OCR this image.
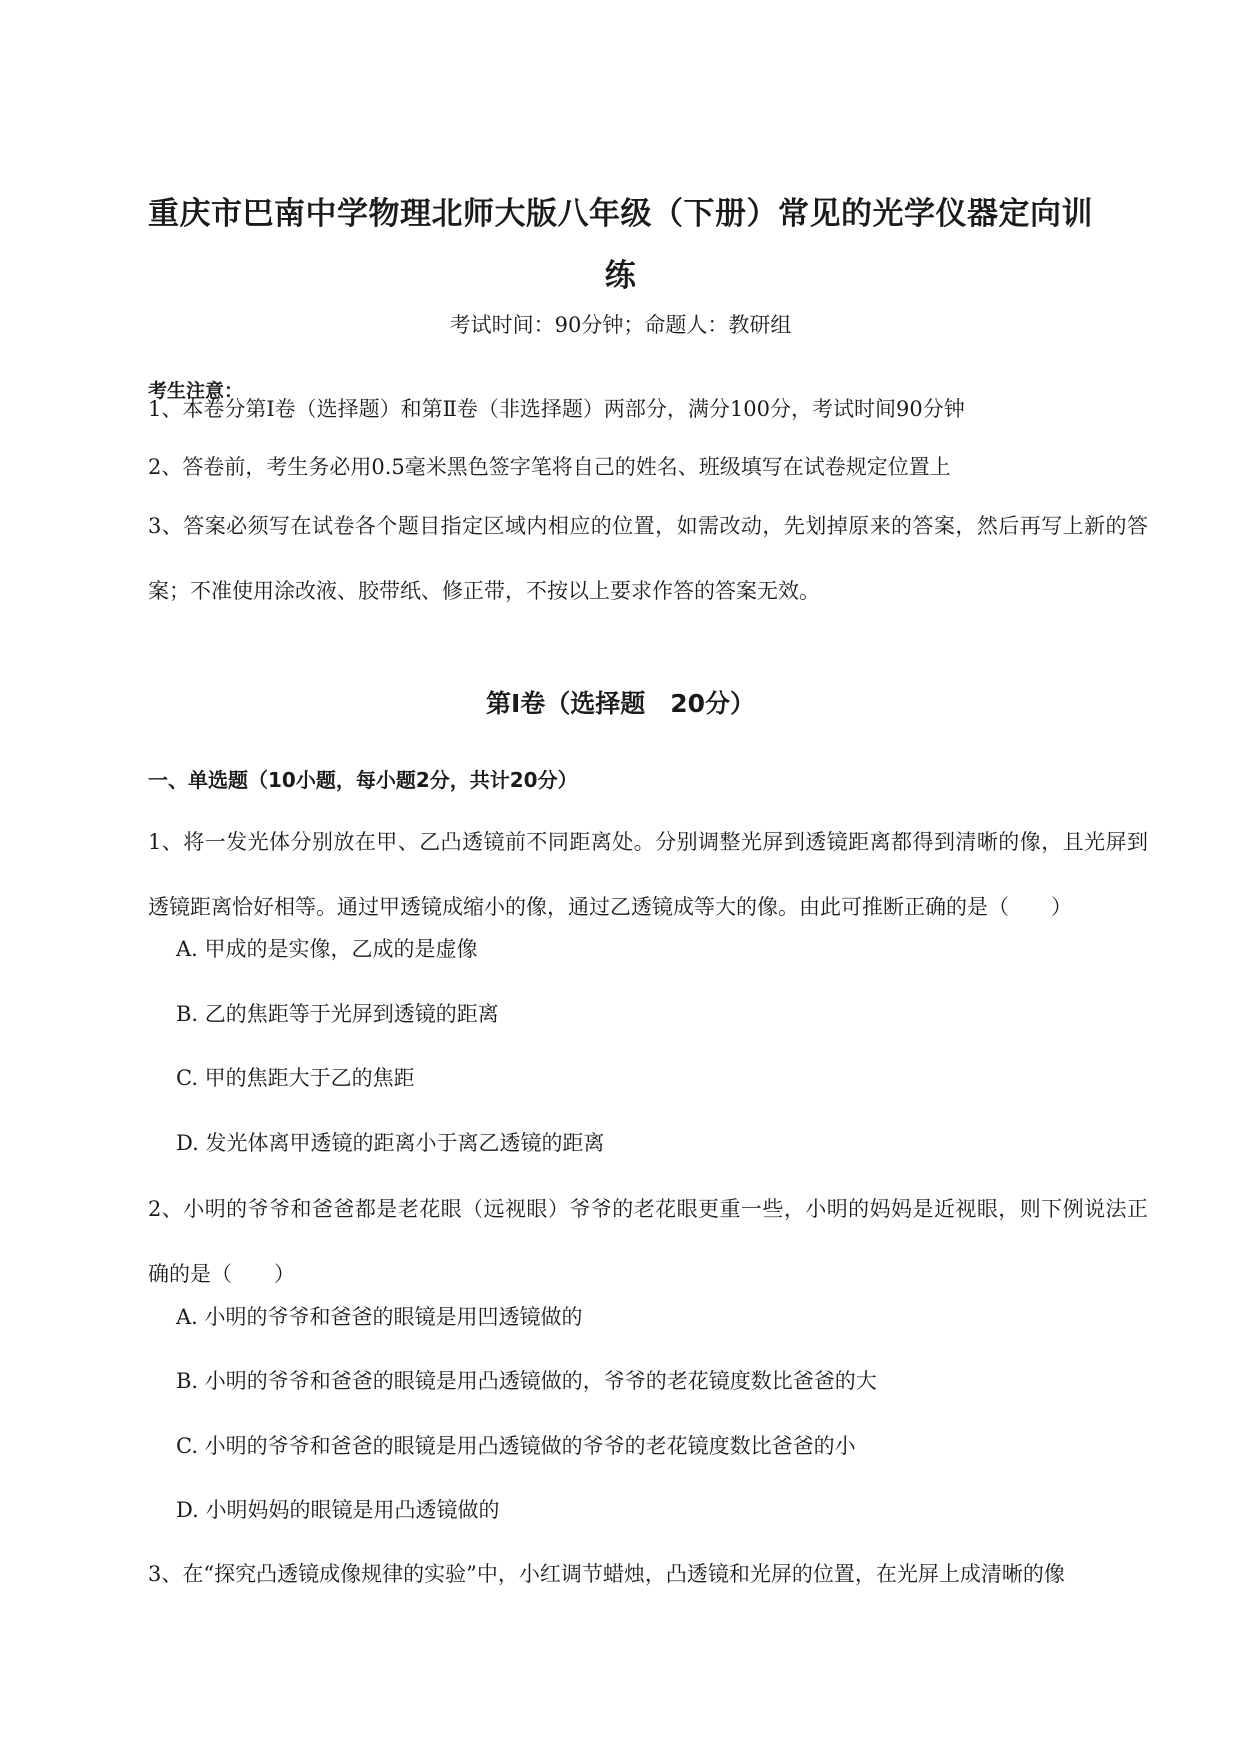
重庆市巴南中学物理北师大版八年级（下册）常见的光学仪器定向训练
考试时间：90分钟；命题人：教研组
考生注意：
1、本卷分第I卷（选择题）和第Ⅱ卷（非选择题）两部分，满分100分，考试时间90分钟
2、答卷前，考生务必用0.5毫米黑色签字笔将自己的姓名、班级填写在试卷规定位置上
3、答案必须写在试卷各个题目指定区域内相应的位置，如需改动，先划掉原来的答案，然后再写上新的答案；不准使用涂改液、胶带纸、修正带，不按以上要求作答的答案无效。
第I卷（选择题　20分）
一、单选题（10小题，每小题2分，共计20分）
1、将一发光体分别放在甲、乙凸透镜前不同距离处。分别调整光屏到透镜距离都得到清晰的像，且光屏到透镜距离恰好相等。通过甲透镜成缩小的像，通过乙透镜成等大的像。由此可推断正确的是（　　）
A. 甲成的是实像，乙成的是虚像
B. 乙的焦距等于光屏到透镜的距离
C. 甲的焦距大于乙的焦距
D. 发光体离甲透镜的距离小于离乙透镜的距离
2、小明的爷爷和爸爸都是老花眼（远视眼）爷爷的老花眼更重一些，小明的妈妈是近视眼，则下例说法正确的是（　　）
A. 小明的爷爷和爸爸的眼镜是用凹透镜做的
B. 小明的爷爷和爸爸的眼镜是用凸透镜做的，爷爷的老花镜度数比爸爸的大
C. 小明的爷爷和爸爸的眼镜是用凸透镜做的爷爷的老花镜度数比爸爸的小
D. 小明妈妈的眼镜是用凸透镜做的
3、在“探究凸透镜成像规律的实验”中，小红调节蜡烛，凸透镜和光屏的位置，在光屏上成清晰的像
